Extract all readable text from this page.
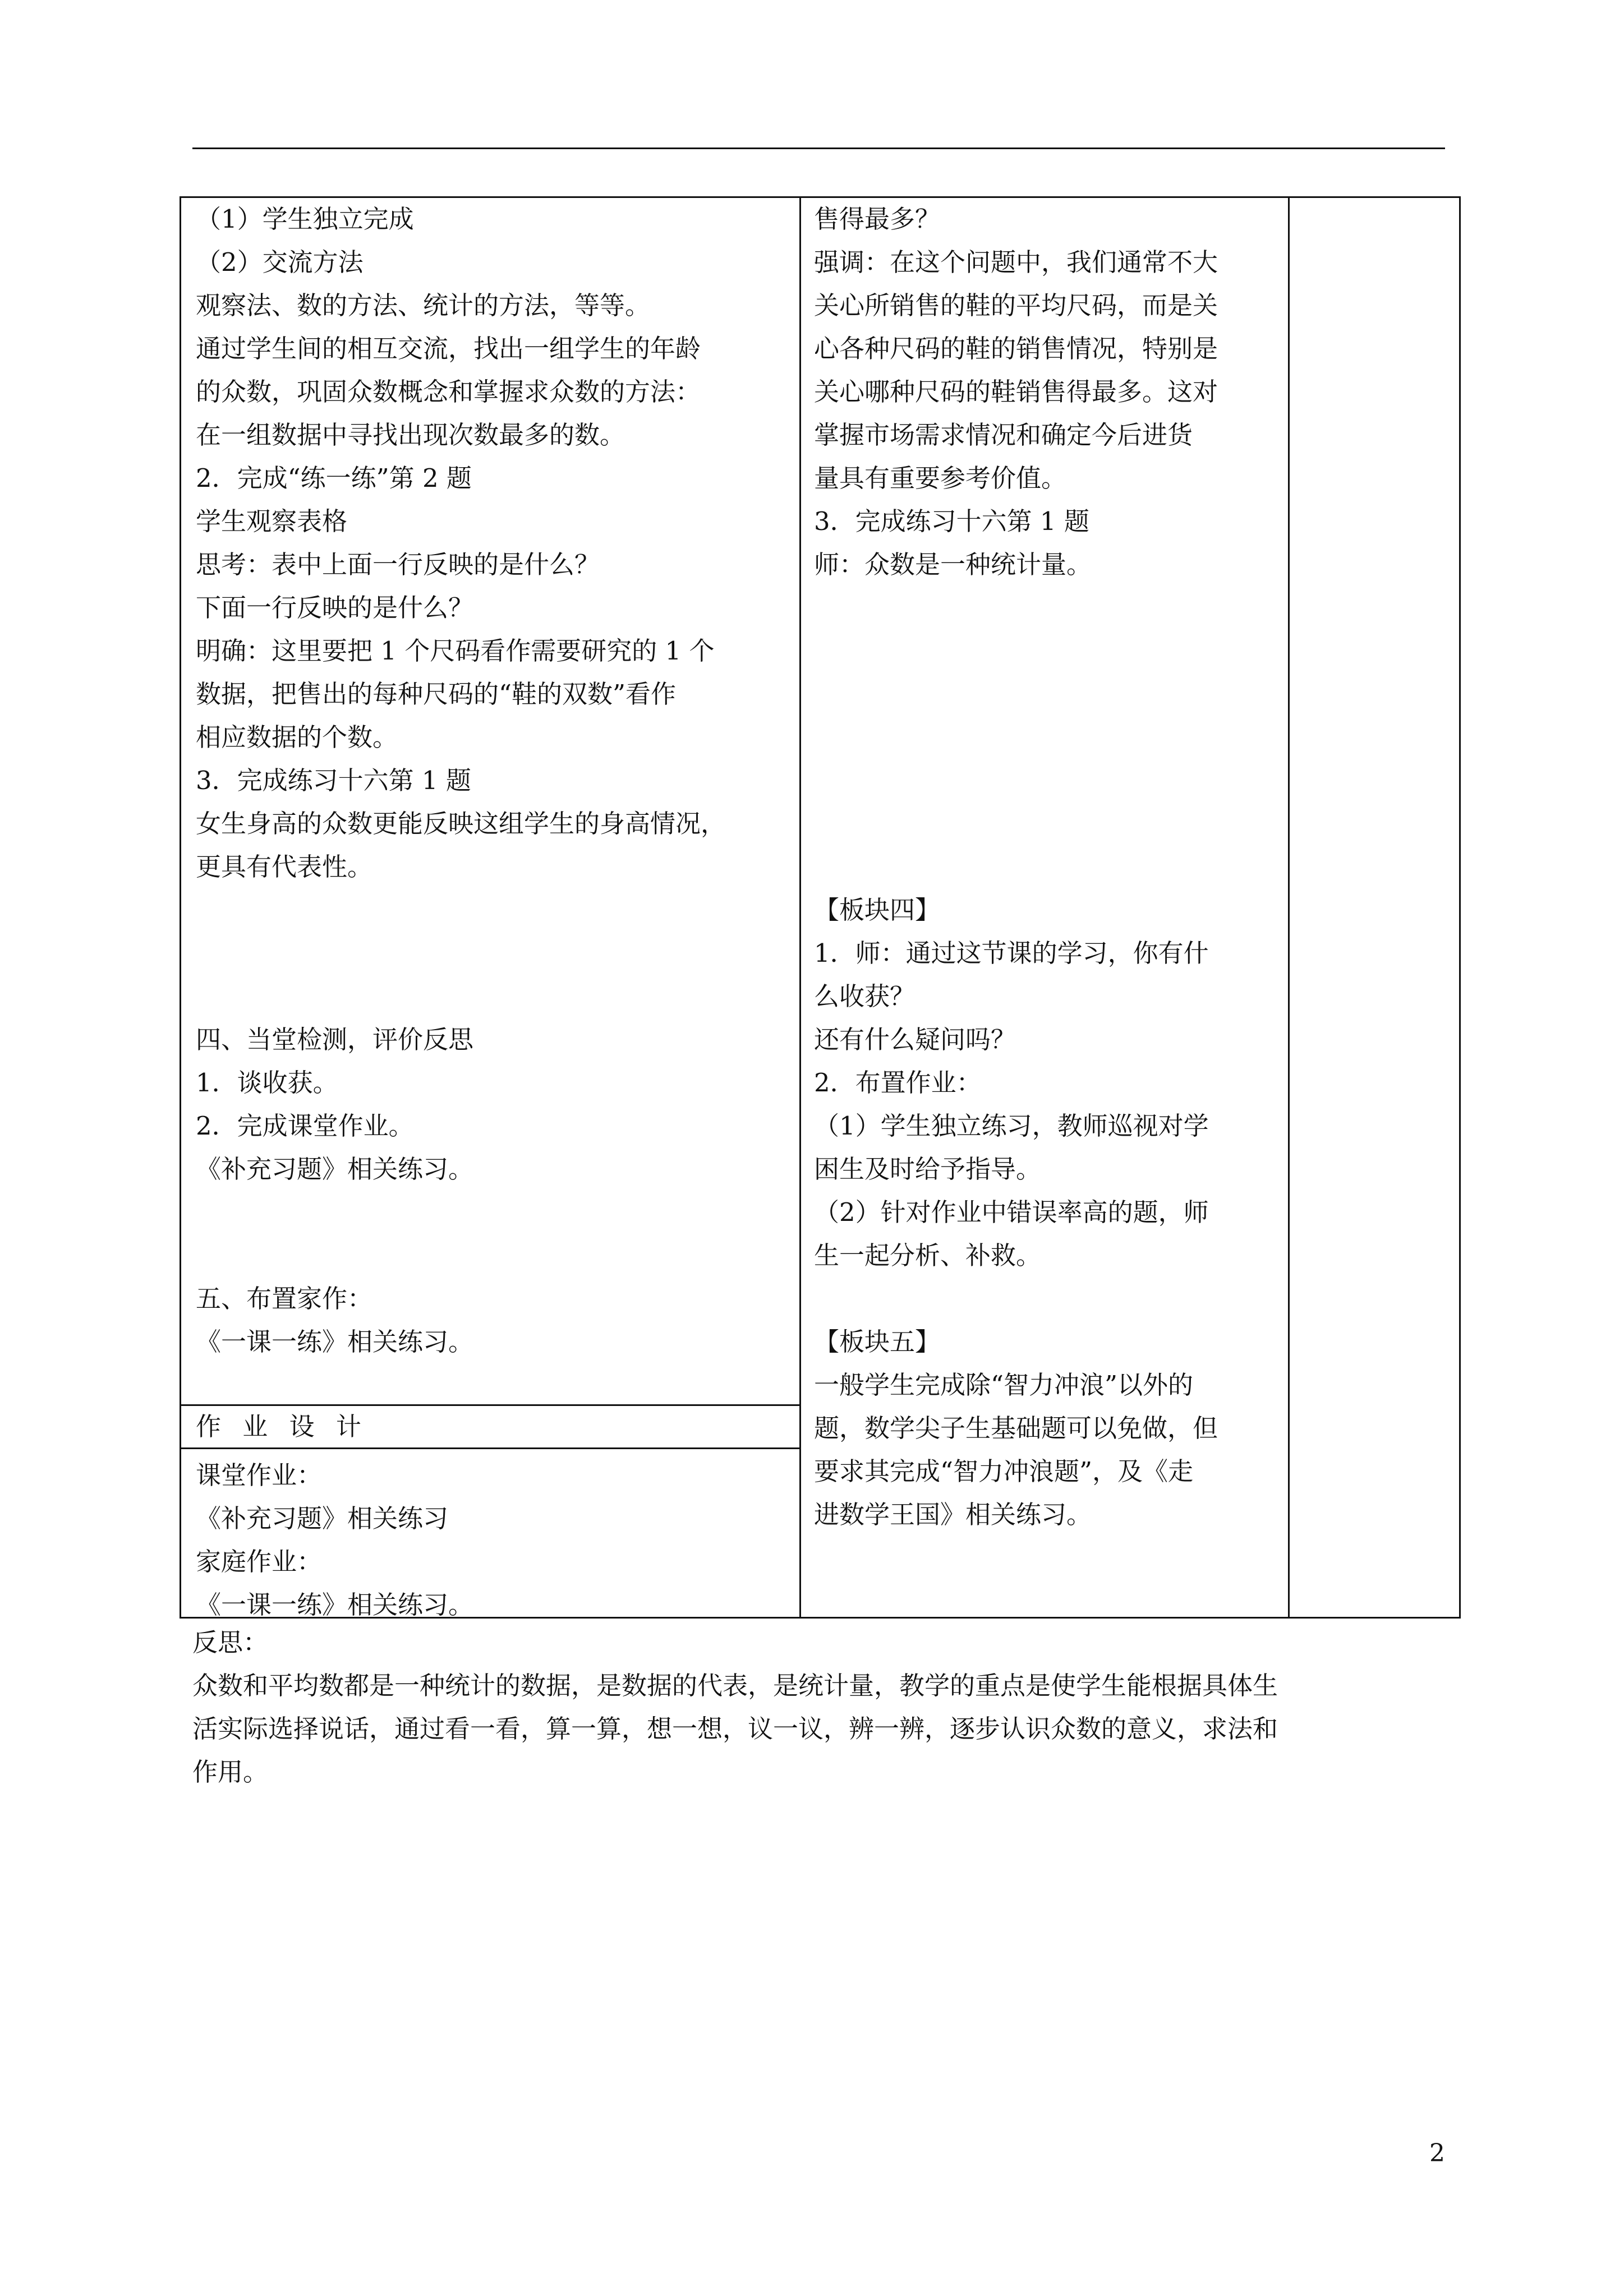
（1）学生独立完成
（2）交流方法
观察法、数的方法、统计的方法，等等。
通过学生间的相互交流，找出一组学生的年龄
的众数，巩固众数概念和掌握求众数的方法：
在一组数据中寻找出现次数最多的数。
2．完成“练一练”第 2 题
学生观察表格
思考：表中上面一行反映的是什么？
下面一行反映的是什么？
明确：这里要把 1 个尺码看作需要研究的 1 个
数据，把售出的每种尺码的“鞋的双数”看作
相应数据的个数。
3．完成练习十六第 1 题
女生身高的众数更能反映这组学生的身高情况，
更具有代表性。
四、当堂检测，评价反思
1．谈收获。
2．完成课堂作业。
《补充习题》相关练习。
五、布置家作：
《一课一练》相关练习。
作 业 设 计
课堂作业：
《补充习题》相关练习
家庭作业：
《一课一练》相关练习。
售得最多？
强调：在这个问题中，我们通常不大
关心所销售的鞋的平均尺码，而是关
心各种尺码的鞋的销售情况，特别是
关心哪种尺码的鞋销售得最多。这对
掌握市场需求情况和确定今后进货
量具有重要参考价值。
3．完成练习十六第 1 题
师：众数是一种统计量。
【板块四】
1．师：通过这节课的学习，你有什
么收获？
还有什么疑问吗？
2．布置作业：
（1）学生独立练习，教师巡视对学
困生及时给予指导。
（2）针对作业中错误率高的题，师
生一起分析、补救。
【板块五】
一般学生完成除“智力冲浪”以外的
题，数学尖子生基础题可以免做，但
要求其完成“智力冲浪题”，及《走
进数学王国》相关练习。
反思：
众数和平均数都是一种统计的数据，是数据的代表，是统计量，教学的重点是使学生能根据具体生
活实际选择说话，通过看一看，算一算，想一想，议一议，辨一辨，逐步认识众数的意义，求法和
作用。
2
